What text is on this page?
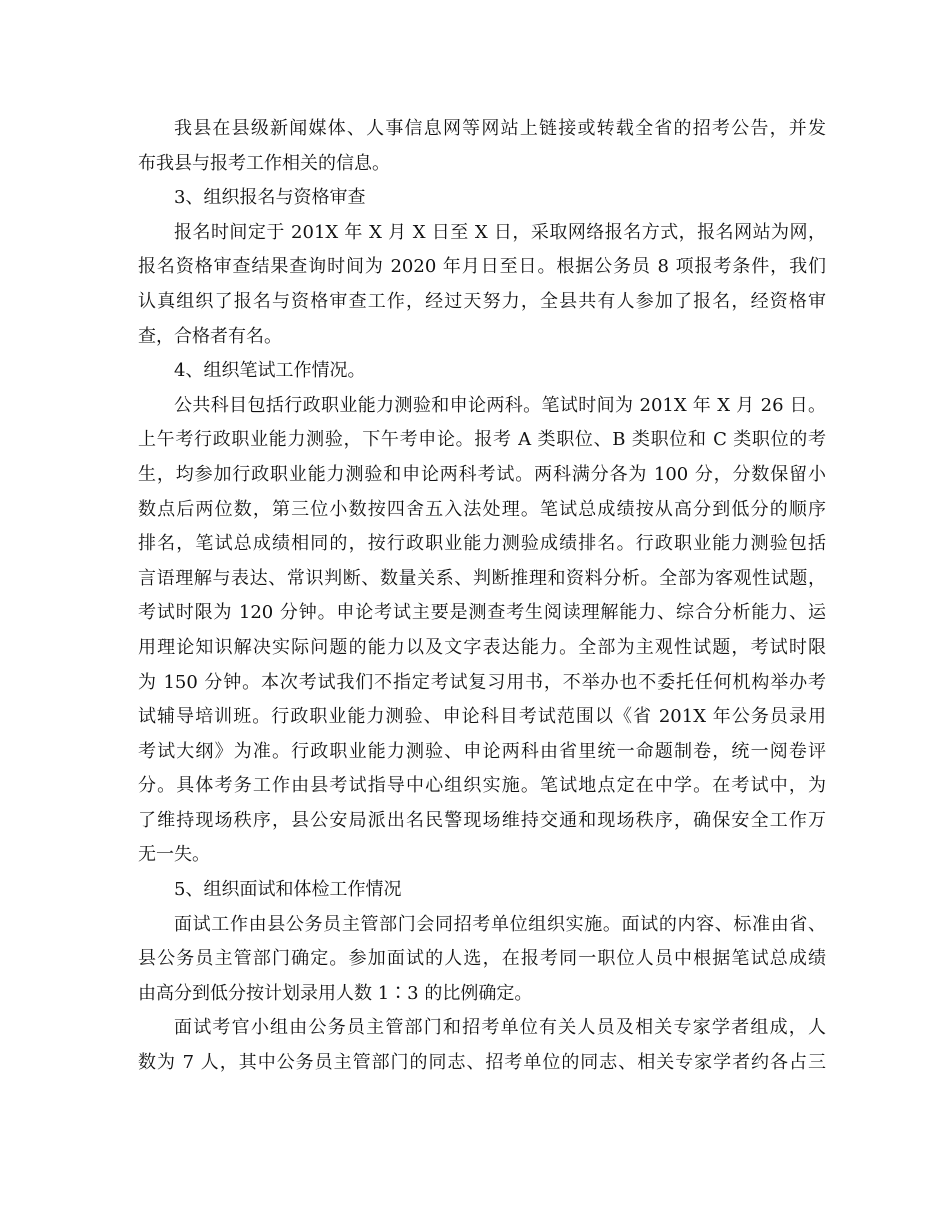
我县在县级新闻媒体、人事信息网等网站上链接或转载全省的招考公告，并发
布我县与报考工作相关的信息。
3、组织报名与资格审查
报名时间定于 201X 年 X 月 X 日至 X 日，采取网络报名方式，报名网站为网，
报名资格审查结果查询时间为 2020 年月日至日。根据公务员 8 项报考条件，我们
认真组织了报名与资格审查工作，经过天努力，全县共有人参加了报名，经资格审
查，合格者有名。
4、组织笔试工作情况。
公共科目包括行政职业能力测验和申论两科。笔试时间为 201X 年 X 月 26 日。
上午考行政职业能力测验，下午考申论。报考 A 类职位、B 类职位和 C 类职位的考
生，均参加行政职业能力测验和申论两科考试。两科满分各为 100 分，分数保留小
数点后两位数，第三位小数按四舍五入法处理。笔试总成绩按从高分到低分的顺序
排名，笔试总成绩相同的，按行政职业能力测验成绩排名。行政职业能力测验包括
言语理解与表达、常识判断、数量关系、判断推理和资料分析。全部为客观性试题，
考试时限为 120 分钟。申论考试主要是测查考生阅读理解能力、综合分析能力、运
用理论知识解决实际问题的能力以及文字表达能力。全部为主观性试题，考试时限
为 150 分钟。本次考试我们不指定考试复习用书，不举办也不委托任何机构举办考
试辅导培训班。行政职业能力测验、申论科目考试范围以《省 201X 年公务员录用
考试大纲》为准。行政职业能力测验、申论两科由省里统一命题制卷，统一阅卷评
分。具体考务工作由县考试指导中心组织实施。笔试地点定在中学。在考试中，为
了维持现场秩序，县公安局派出名民警现场维持交通和现场秩序，确保安全工作万
无一失。
5、组织面试和体检工作情况
面试工作由县公务员主管部门会同招考单位组织实施。面试的内容、标准由省、
县公务员主管部门确定。参加面试的人选，在报考同一职位人员中根据笔试总成绩
由高分到低分按计划录用人数 1∶3 的比例确定。
面试考官小组由公务员主管部门和招考单位有关人员及相关专家学者组成，人
数为 7 人，其中公务员主管部门的同志、招考单位的同志、相关专家学者约各占三
